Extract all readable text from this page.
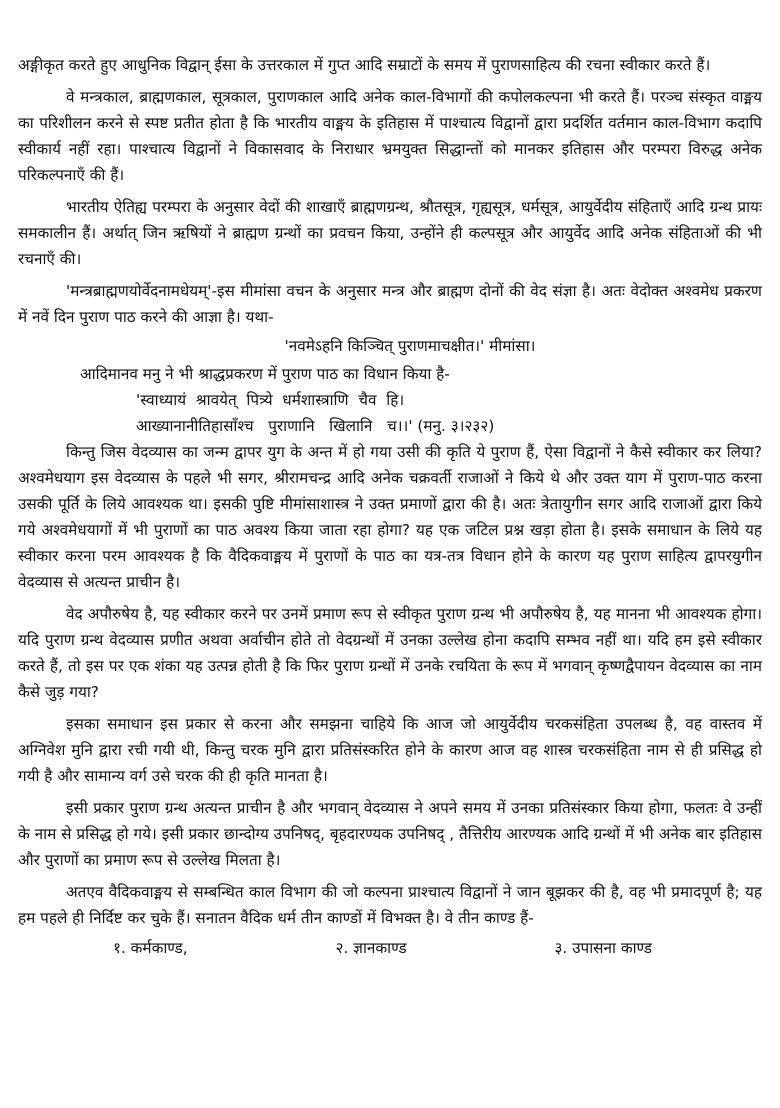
अङ्गीकृत करते हुए आधुनिक विद्वान् ईसा के उत्तरकाल में गुप्त आदि सम्राटों के समय में पुराणसाहित्य की रचना स्वीकार करते हैं।

वे मन्त्रकाल, ब्राह्मणकाल, सूत्रकाल, पुराणकाल आदि अनेक काल-विभागों की कपोलकल्पना भी करते हैं। परञ्च संस्कृत वाङ्मय का परिशीलन करने से स्पष्ट प्रतीत होता है कि भारतीय वाङ्मय के इतिहास में पाश्चात्य विद्वानों द्वारा प्रदर्शित वर्तमान काल-विभाग कदापि स्वीकार्य नहीं रहा। पाश्चात्य विद्वानों ने विकासवाद के निराधार भ्रमयुक्त सिद्धान्तों को मानकर इतिहास और परम्परा विरुद्ध अनेक परिकल्पनाएँ की हैं।

भारतीय ऐतिह्य परम्परा के अनुसार वेदों की शाखाएँ ब्राह्मणग्रन्थ, श्रौतसूत्र, गृह्यसूत्र, धर्मसूत्र, आयुर्वेदीय संहिताएँ आदि ग्रन्थ प्रायः समकालीन हैं। अर्थात् जिन ऋषियों ने ब्राह्मण ग्रन्थों का प्रवचन किया, उन्होंने ही कल्पसूत्र और आयुर्वेद आदि अनेक संहिताओं की भी रचनाएँ की।

'मन्त्रब्राह्मणयोर्वेदनामधेयम्'-इस मीमांसा वचन के अनुसार मन्त्र और ब्राह्मण दोनों की वेद संज्ञा है। अतः वेदोक्त अश्वमेध प्रकरण में नवें दिन पुराण पाठ करने की आज्ञा है। यथा-

'नवमेऽहनि किञ्चित् पुराणमाचक्षीत।' मीमांसा।

आदिमानव मनु ने भी श्राद्धप्रकरण में पुराण पाठ का विधान किया है-

'स्वाध्यायं  श्रावयेत्  पित्र्ये  धर्मशास्त्राणि  चैव  हि।

आख्यानानीतिहासाँश्च   पुराणानि   खिलानि   च।।' (मनु. ३।२३२)

किन्तु जिस वेदव्यास का जन्म द्वापर युग के अन्त में हो गया उसी की कृति ये पुराण हैं, ऐसा विद्वानों ने कैसे स्वीकार कर लिया? अश्वमेधयाग इस वेदव्यास के पहले भी सगर, श्रीरामचन्द्र आदि अनेक चक्रवर्ती राजाओं ने किये थे और उक्त याग में पुराण-पाठ करना उसकी पूर्ति के लिये आवश्यक था। इसकी पुष्टि मीमांसाशास्त्र ने उक्त प्रमाणों द्वारा की है। अतः त्रेतायुगीन सगर आदि राजाओं द्वारा किये गये अश्वमेधयागों में भी पुराणों का पाठ अवश्य किया जाता रहा होगा? यह एक जटिल प्रश्न खड़ा होता है। इसके समाधान के लिये यह स्वीकार करना परम आवश्यक है कि वैदिकवाङ्मय में पुराणों के पाठ का यत्र-तत्र विधान होने के कारण यह पुराण साहित्य द्वापरयुगीन वेदव्यास से अत्यन्त प्राचीन है।

वेद अपौरुषेय है, यह स्वीकार करने पर उनमें प्रमाण रूप से स्वीकृत पुराण ग्रन्थ भी अपौरुषेय है, यह मानना भी आवश्यक होगा। यदि पुराण ग्रन्थ वेदव्यास प्रणीत अथवा अर्वाचीन होते तो वेदग्रन्थों में उनका उल्लेख होना कदापि सम्भव नहीं था। यदि हम इसे स्वीकार करते हैं, तो इस पर एक शंका यह उत्पन्न होती है कि फिर पुराण ग्रन्थों में उनके रचयिता के रूप में भगवान् कृष्णद्वैपायन वेदव्यास का नाम कैसे जुड़ गया?

इसका समाधान इस प्रकार से करना और समझना चाहिये कि आज जो आयुर्वेदीय चरकसंहिता उपलब्ध है, वह वास्तव में अग्निवेश मुनि द्वारा रची गयी थी, किन्तु चरक मुनि द्वारा प्रतिसंस्करित होने के कारण आज वह शास्त्र चरकसंहिता नाम से ही प्रसिद्ध हो गयी है और सामान्य वर्ग उसे चरक की ही कृति मानता है।

इसी प्रकार पुराण ग्रन्थ अत्यन्त प्राचीन है और भगवान् वेदव्यास ने अपने समय में उनका प्रतिसंस्कार किया होगा, फलतः वे उन्हीं के नाम से प्रसिद्ध हो गये। इसी प्रकार छान्दोग्य उपनिषद्, बृहदारण्यक उपनिषद् , तैत्तिरीय आरण्यक आदि ग्रन्थों में भी अनेक बार इतिहास और पुराणों का प्रमाण रूप से उल्लेख मिलता है।

अतएव वैदिकवाङ्मय से सम्बन्धित काल विभाग की जो कल्पना प्राश्चात्य विद्वानों ने जान बूझकर की है, वह भी प्रमादपूर्ण है; यह हम पहले ही निर्दिष्ट कर चुके हैं। सनातन वैदिक धर्म तीन काण्डों में विभक्त है। वे तीन काण्ड हैं-

१. कर्मकाण्ड,	२. ज्ञानकाण्ड	३. उपासना काण्ड
